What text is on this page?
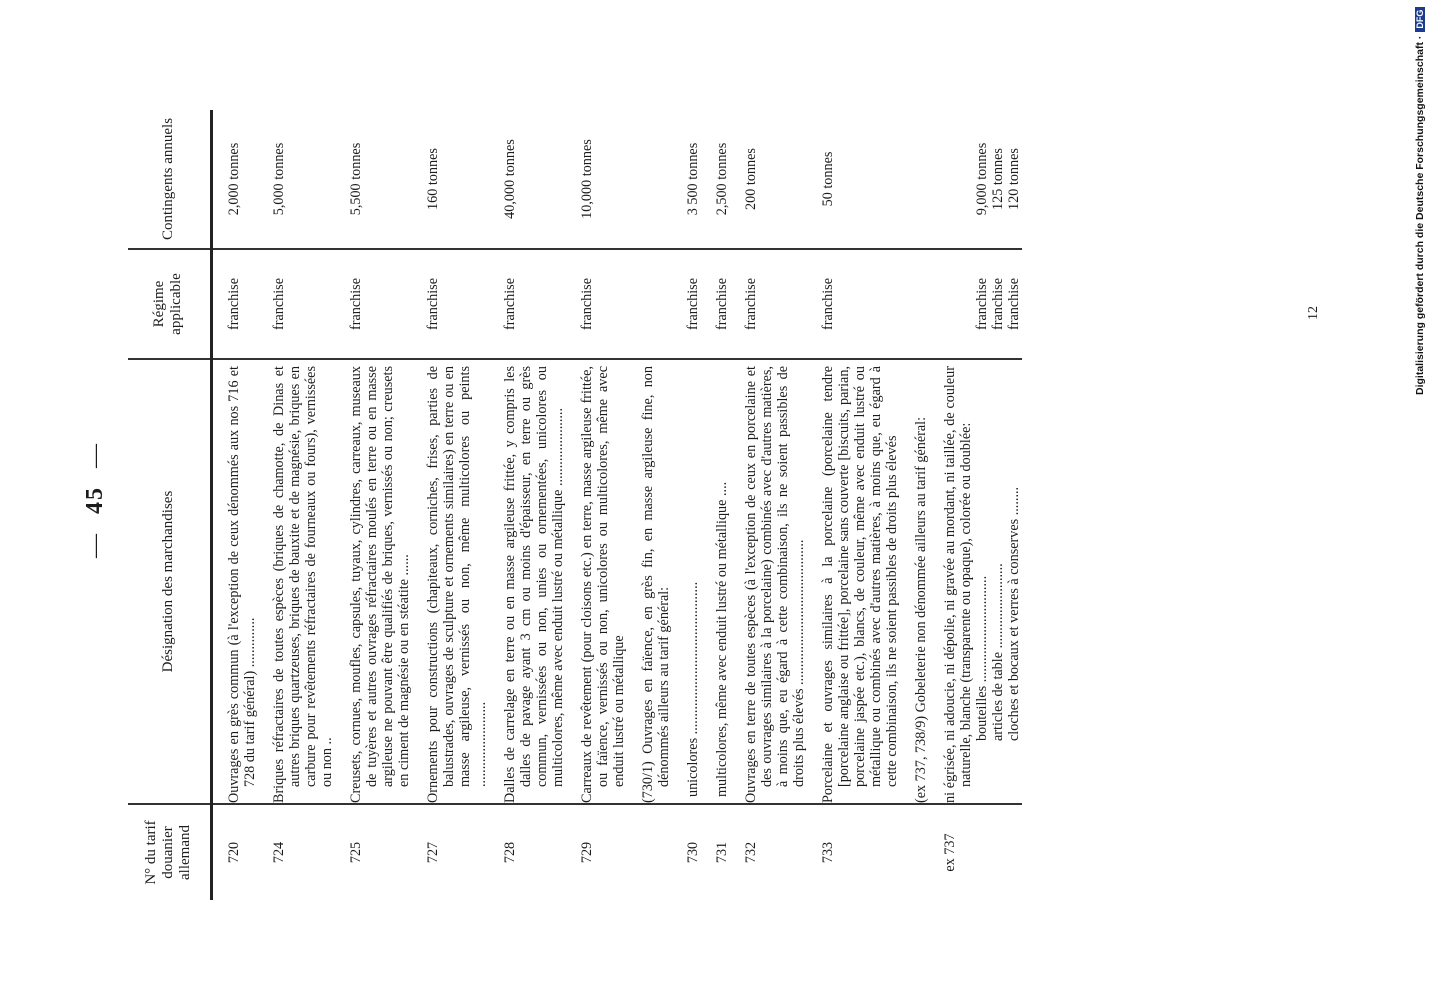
—45—
N° du tarif douanier allemand	Désignation des marchandises	Régime applicable	Contingents annuels

720	Ouvrages en grès commun (à l'exception de ceux dénommés aux nos 716 et 728 du tarif général) ..............	franchise	2,000 tonnes

724	Briques réfractaires de toutes espèces (briques de chamotte, de Dinas et autres briques quartzeuses, briques de bauxite et de magnésie, briques en carbure pour revêtements réfractaires de fourneaux ou fours), vernissées ou non ..	franchise	5,000 tonnes

725	Creusets, cornues, moufles, capsules, tuyaux, cylindres, carreaux, museaux de tuyères et autres ouvrages réfractaires moulés en terre ou en masse argileuse ne pouvant être qualifiés de briques, vernissés ou non; creusets en ciment de magnésie ou en stéatite ......	franchise	5,500 tonnes

727	Ornements pour constructions (chapiteaux, corniches, frises, parties de balustrades, ouvrages de sculpture et ornements similaires) en terre ou en masse argileuse, vernissés ou non, même multicolores ou peints ........................	franchise	160 tonnes

728	Dalles de carrelage en terre ou en masse argileuse frittée, y compris les dalles de pavage ayant 3 cm ou moins d'épaisseur, en terre ou grès commun, vernissées ou non, unies ou ornementées, unicolores ou multicolores, même avec enduit lustré ou métallique ......................	franchise	40,000 tonnes

729	Carreaux de revêtement (pour cloisons etc.) en terre, masse argileuse frittée, ou faïence, vernissés ou non, unicolores ou multicolores, même avec enduit lustré ou métallique	franchise	10,000 tonnes

	(730/1) Ouvrages en faïence, en grès fin, en masse argileuse fine, non dénommés ailleurs au tarif général:		

730	unicolores ...........................................	franchise	3 500 tonnes

731	multicolores, même avec enduit lustré ou métallique ....	franchise	2,500 tonnes

732	Ouvrages en terre de toutes espèces (à l'exception de ceux en porcelaine et des ouvrages similaires à la porcelaine) combinés avec d'autres matières, à moins que, eu égard à cette combinaison, ils ne soient passibles de droits plus élevés .........................................	franchise	200 tonnes

733	Porcelaine et ouvrages similaires à la porcelaine (porcelaine tendre [porcelaine anglaise ou frittée], porcelaine sans couverte [biscuits, parian, porcelaine jaspée etc.), blancs, de couleur, même avec enduit lustré ou métallique ou combinés avec d'autres matières, à moins que, eu égard à cette combinaison, ils ne soient passibles de droits plus élevés	franchise	50 tonnes

	(ex 737, 738/9) Gobeleterie non dénommée ailleurs au tarif général:		

ex 737	ni égrisée, ni adoucie, ni dépolie, ni gravée au mordant, ni taillée, de couleur naturelle, blanche (transparente ou opaque), colorée ou doublée:		

	bouteilles ..............................	franchise	9,000 tonnes

	articles de table ........................	franchise	125 tonnes

	cloches et bocaux et verres à conserves ........	franchise	120 tonnes
12	Digitalisierung gefördert durch die Deutsche Forschungsgemeinschaft ·DFG
